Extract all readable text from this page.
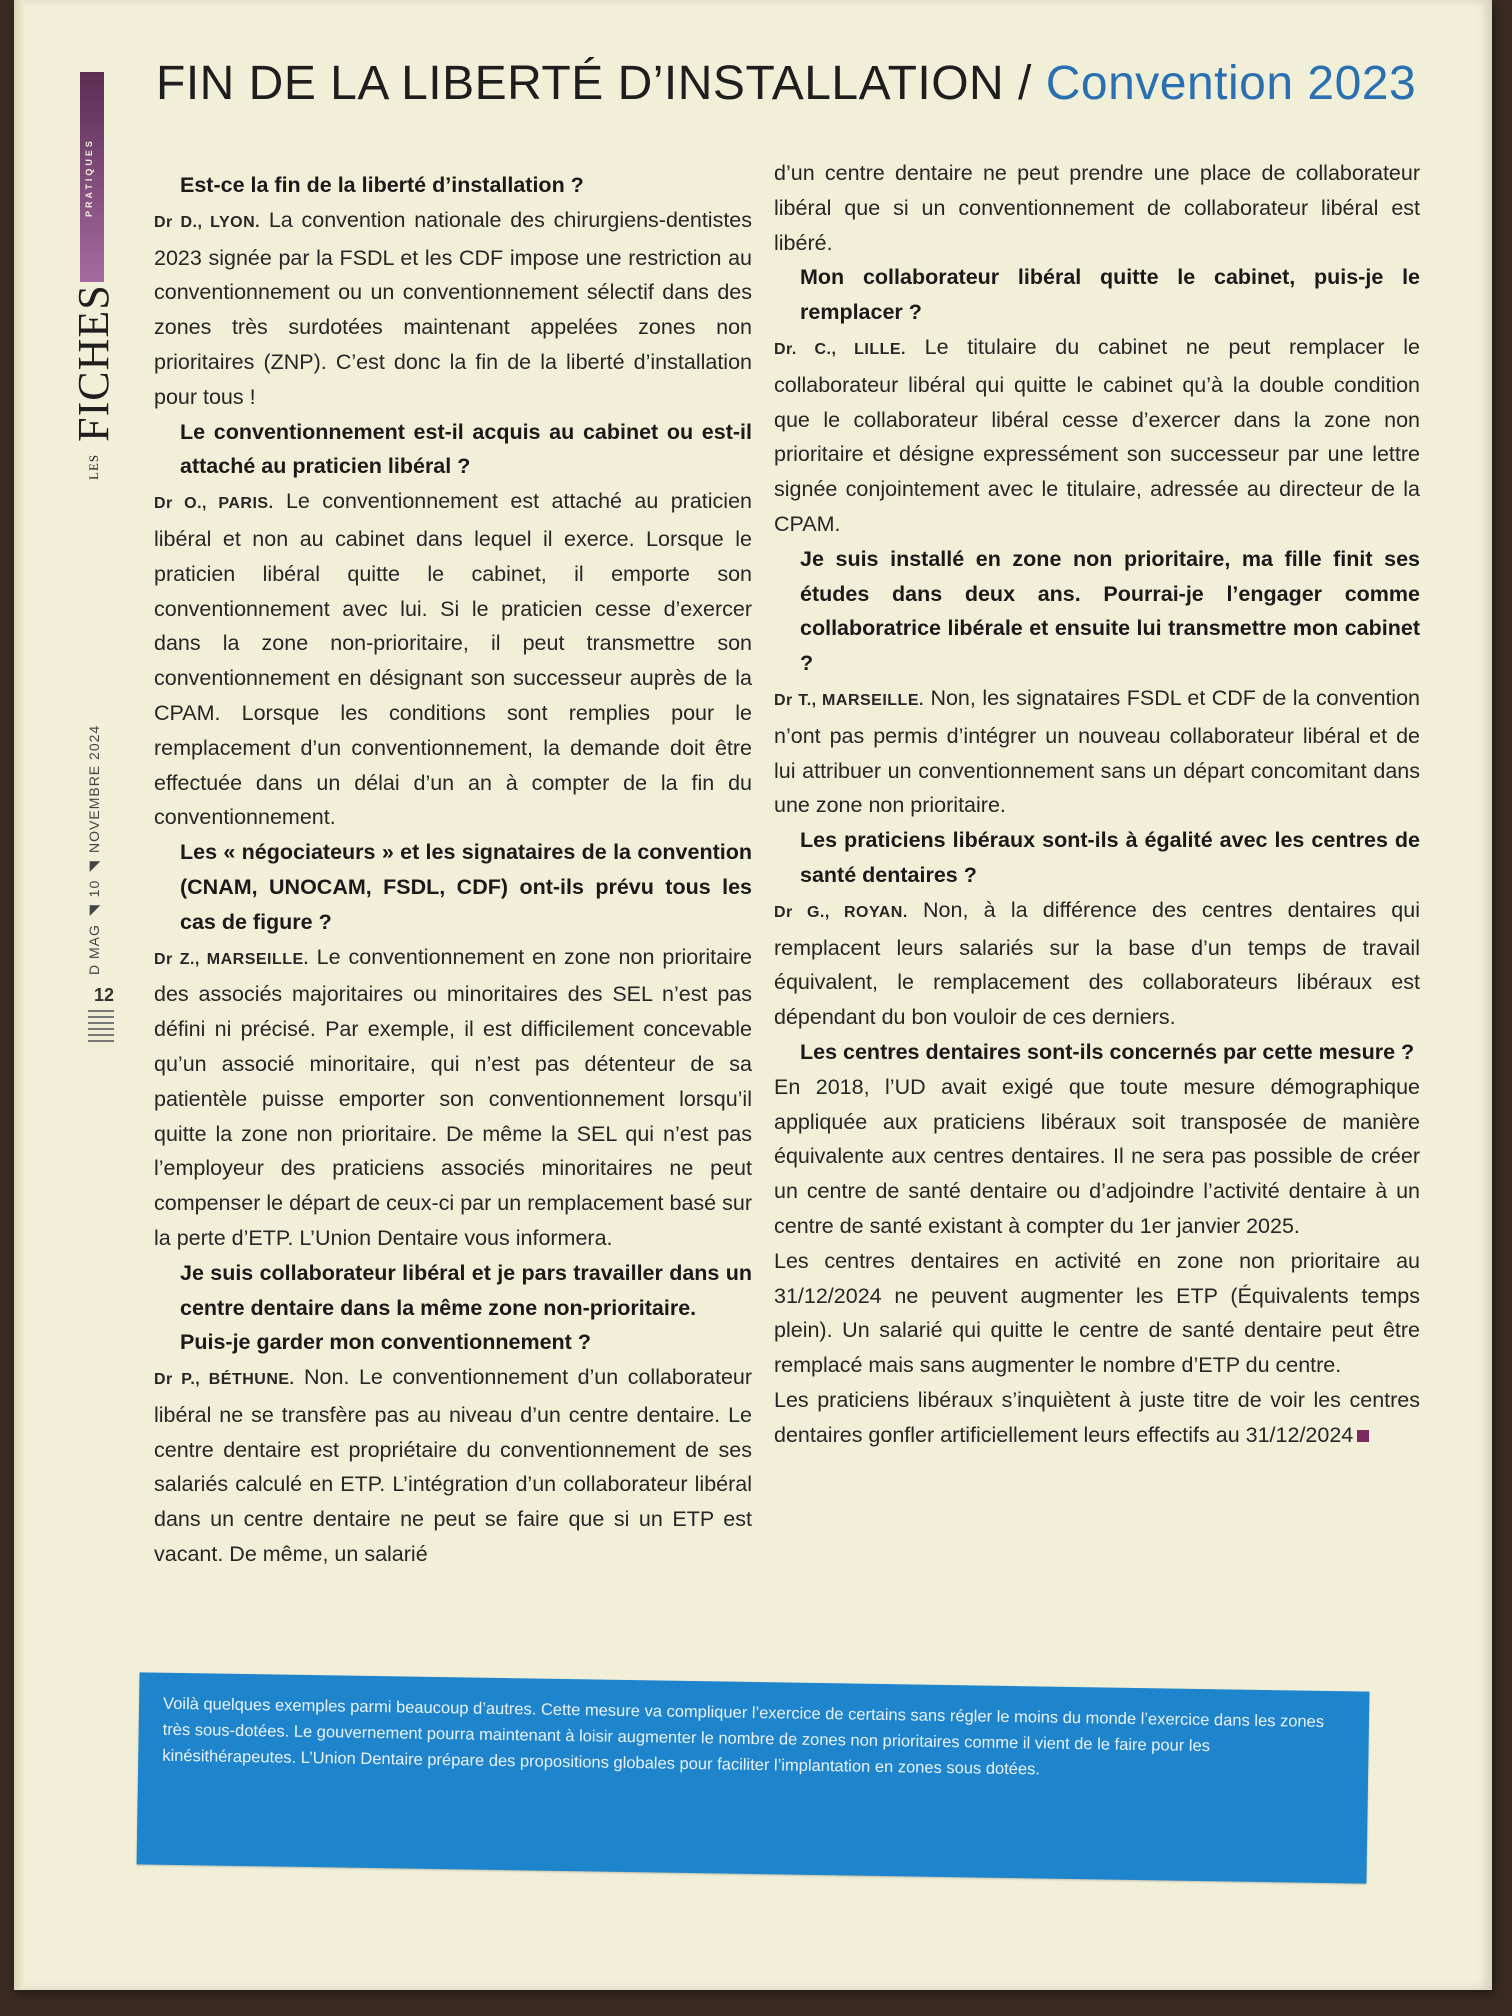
PRATIQUES
LES FICHES
D MAG ◢ 10 ◢ NOVEMBRE 2024
12
FIN DE LA LIBERTÉ D’INSTALLATION / Convention 2023

Est-ce la fin de la liberté d’installation ?

Dr D., LYON. La convention nationale des chirurgiens-dentistes 2023 signée par la FSDL et les CDF impose une restriction au conventionnement ou un conventionnement sélectif dans des zones très surdotées maintenant appelées zones non prioritaires (ZNP). C’est donc la fin de la liberté d’installation pour tous !

Le conventionnement est-il acquis au cabinet ou est-il attaché au praticien libéral ?

Dr O., PARIS. Le conventionnement est attaché au praticien libéral et non au cabinet dans lequel il exerce. Lorsque le praticien libéral quitte le cabinet, il emporte son conventionnement avec lui. Si le praticien cesse d’exercer dans la zone non-prioritaire, il peut transmettre son conventionnement en désignant son successeur auprès de la CPAM. Lorsque les conditions sont remplies pour le remplacement d’un conventionnement, la demande doit être effectuée dans un délai d’un an à compter de la fin du conventionnement.

Les « négociateurs » et les signataires de la convention (CNAM, UNOCAM, FSDL, CDF) ont-ils prévu tous les cas de figure ?

Dr Z., MARSEILLE. Le conventionnement en zone non prioritaire des associés majoritaires ou minoritaires des SEL n’est pas défini ni précisé. Par exemple, il est difficilement concevable qu’un associé minoritaire, qui n’est pas détenteur de sa patientèle puisse emporter son conventionnement lorsqu’il quitte la zone non prioritaire. De même la SEL qui n’est pas l’employeur des praticiens associés minoritaires ne peut compenser le départ de ceux-ci par un remplacement basé sur la perte d’ETP. L’Union Dentaire vous informera.

Je suis collaborateur libéral et je pars travailler dans un centre dentaire dans la même zone non-prioritaire.

Puis-je garder mon conventionnement ?

Dr P., BÉTHUNE. Non. Le conventionnement d’un collaborateur libéral ne se transfère pas au niveau d’un centre dentaire. Le centre dentaire est propriétaire du conventionnement de ses salariés calculé en ETP. L’intégration d’un collaborateur libéral dans un centre dentaire ne peut se faire que si un ETP est vacant. De même, un salarié

d’un centre dentaire ne peut prendre une place de collaborateur libéral que si un conventionnement de collaborateur libéral est libéré.

Mon collaborateur libéral quitte le cabinet, puis-je le remplacer ?

Dr. C., LILLE. Le titulaire du cabinet ne peut remplacer le collaborateur libéral qui quitte le cabinet qu’à la double condition que le collaborateur libéral cesse d’exercer dans la zone non prioritaire et désigne expressément son successeur par une lettre signée conjointement avec le titulaire, adressée au directeur de la CPAM.

Je suis installé en zone non prioritaire, ma fille finit ses études dans deux ans. Pourrai-je l’engager comme collaboratrice libérale et ensuite lui transmettre mon cabinet ?

Dr T., MARSEILLE. Non, les signataires FSDL et CDF de la convention n’ont pas permis d’intégrer un nouveau collaborateur libéral et de lui attribuer un conventionnement sans un départ concomitant dans une zone non prioritaire.

Les praticiens libéraux sont-ils à égalité avec les centres de santé dentaires ?

Dr G., ROYAN. Non, à la différence des centres dentaires qui remplacent leurs salariés sur la base d’un temps de travail équivalent, le remplacement des collaborateurs libéraux est dépendant du bon vouloir de ces derniers.

Les centres dentaires sont-ils concernés par cette mesure ?

En 2018, l’UD avait exigé que toute mesure démographique appliquée aux praticiens libéraux soit transposée de manière équivalente aux centres dentaires. Il ne sera pas possible de créer un centre de santé dentaire ou d’adjoindre l’activité dentaire à un centre de santé existant à compter du 1er janvier 2025.

Les centres dentaires en activité en zone non prioritaire au 31/12/2024 ne peuvent augmenter les ETP (Équivalents temps plein). Un salarié qui quitte le centre de santé dentaire peut être remplacé mais sans augmenter le nombre d’ETP du centre.

Les praticiens libéraux s’inquiètent à juste titre de voir les centres dentaires gonfler artificiellement leurs effectifs au 31/12/2024

Voilà quelques exemples parmi beaucoup d’autres. Cette mesure va compliquer l’exercice de certains sans régler le moins du monde l’exercice dans les zones très sous-dotées. Le gouvernement pourra maintenant à loisir augmenter le nombre de zones non prioritaires comme il vient de le faire pour les kinésithérapeutes. L’Union Dentaire prépare des propositions globales pour faciliter l’implantation en zones sous dotées.
